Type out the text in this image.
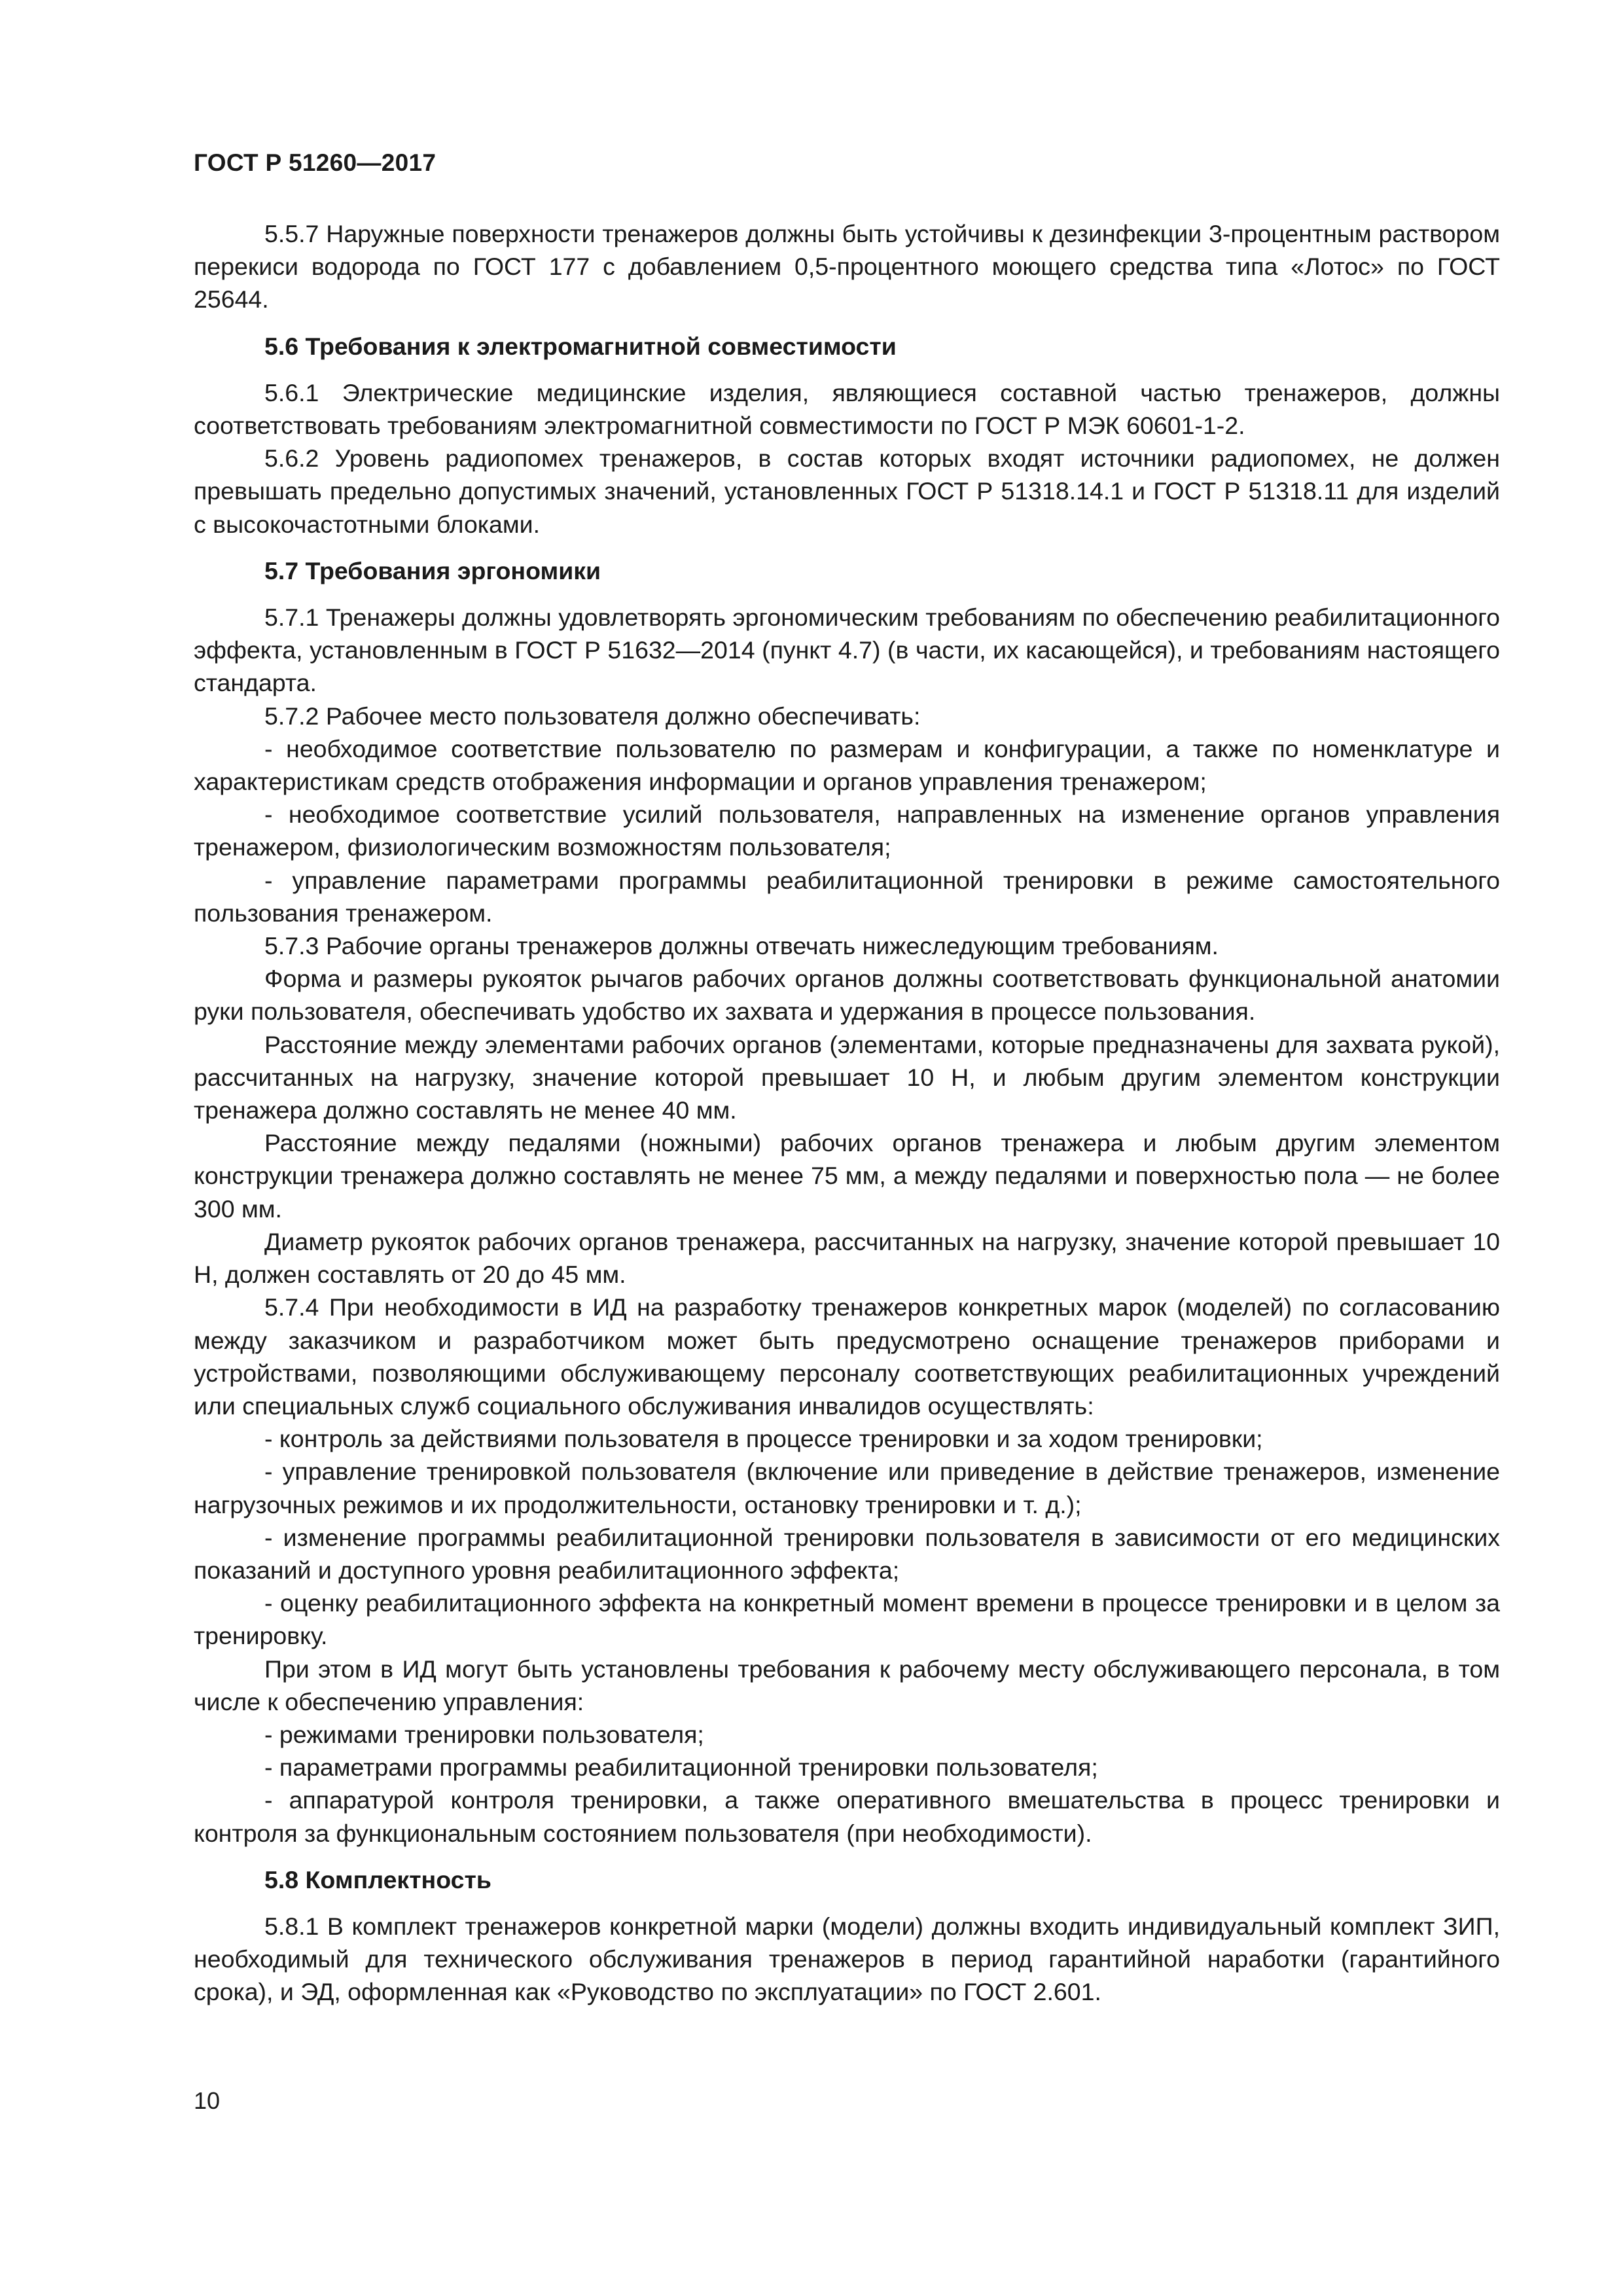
ГОСТ Р 51260—2017

5.5.7 Наружные поверхности тренажеров должны быть устойчивы к дезинфекции 3-процентным раствором перекиси водорода по ГОСТ 177 с добавлением 0,5-процентного моющего средства типа «Лотос» по ГОСТ 25644.

5.6 Требования к электромагнитной совместимости

5.6.1 Электрические медицинские изделия, являющиеся составной частью тренажеров, должны соответствовать требованиям электромагнитной совместимости по ГОСТ Р МЭК 60601-1-2.

5.6.2 Уровень радиопомех тренажеров, в состав которых входят источники радиопомех, не должен превышать предельно допустимых значений, установленных ГОСТ Р 51318.14.1 и ГОСТ Р 51318.11 для изделий с высокочастотными блоками.

5.7 Требования эргономики

5.7.1 Тренажеры должны удовлетворять эргономическим требованиям по обеспечению реабилитационного эффекта, установленным в ГОСТ Р 51632—2014 (пункт 4.7) (в части, их касающейся), и требованиям настоящего стандарта.

5.7.2 Рабочее место пользователя должно обеспечивать:

- необходимое соответствие пользователю по размерам и конфигурации, а также по номенклатуре и характеристикам средств отображения информации и органов управления тренажером;

- необходимое соответствие усилий пользователя, направленных на изменение органов управления тренажером, физиологическим возможностям пользователя;

- управление параметрами программы реабилитационной тренировки в режиме самостоятельного пользования тренажером.

5.7.3 Рабочие органы тренажеров должны отвечать нижеследующим требованиям.

Форма и размеры рукояток рычагов рабочих органов должны соответствовать функциональной анатомии руки пользователя, обеспечивать удобство их захвата и удержания в процессе пользования.

Расстояние между элементами рабочих органов (элементами, которые предназначены для захвата рукой), рассчитанных на нагрузку, значение которой превышает 10 Н, и любым другим элементом конструкции тренажера должно составлять не менее 40 мм.

Расстояние между педалями (ножными) рабочих органов тренажера и любым другим элементом конструкции тренажера должно составлять не менее 75 мм, а между педалями и поверхностью пола — не более 300 мм.

Диаметр рукояток рабочих органов тренажера, рассчитанных на нагрузку, значение которой превышает 10 Н, должен составлять от 20 до 45 мм.

5.7.4 При необходимости в ИД на разработку тренажеров конкретных марок (моделей) по согласованию между заказчиком и разработчиком может быть предусмотрено оснащение тренажеров приборами и устройствами, позволяющими обслуживающему персоналу соответствующих реабилитационных учреждений или специальных служб социального обслуживания инвалидов осуществлять:

- контроль за действиями пользователя в процессе тренировки и за ходом тренировки;

- управление тренировкой пользователя (включение или приведение в действие тренажеров, изменение нагрузочных режимов и их продолжительности, остановку тренировки и т. д.);

- изменение программы реабилитационной тренировки пользователя в зависимости от его медицинских показаний и доступного уровня реабилитационного эффекта;

- оценку реабилитационного эффекта на конкретный момент времени в процессе тренировки и в целом за тренировку.

При этом в ИД могут быть установлены требования к рабочему месту обслуживающего персонала, в том числе к обеспечению управления:

- режимами тренировки пользователя;

- параметрами программы реабилитационной тренировки пользователя;

- аппаратурой контроля тренировки, а также оперативного вмешательства в процесс тренировки и контроля за функциональным состоянием пользователя (при необходимости).

5.8 Комплектность

5.8.1 В комплект тренажеров конкретной марки (модели) должны входить индивидуальный комплект ЗИП, необходимый для технического обслуживания тренажеров в период гарантийной наработки (гарантийного срока), и ЭД, оформленная как «Руководство по эксплуатации» по ГОСТ 2.601.

10
